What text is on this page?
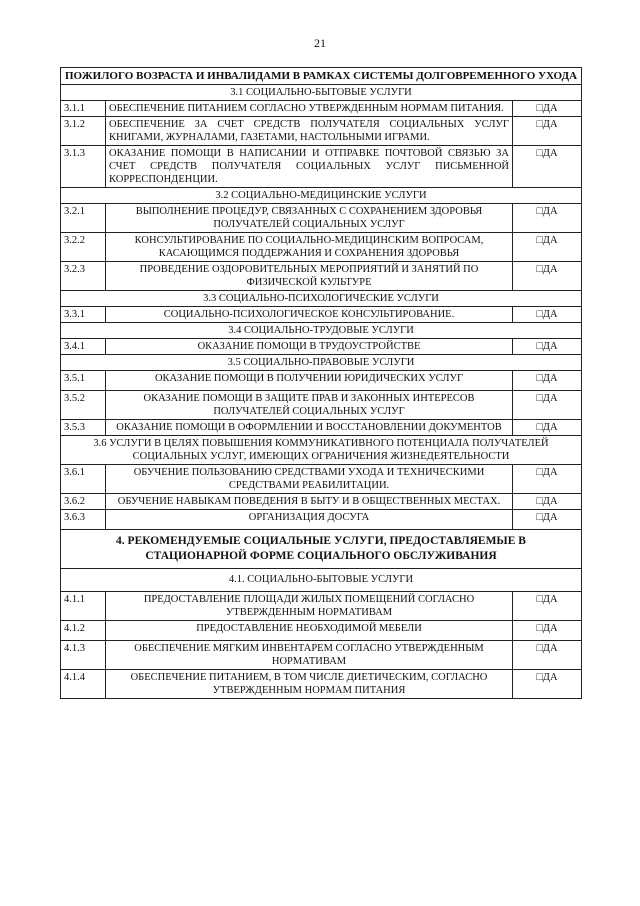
21
ПОЖИЛОГО ВОЗРАСТА И ИНВАЛИДАМИ В РАМКАХ СИСТЕМЫ ДОЛГОВРЕМЕННОГО УХОДА		
3.1 СОЦИАЛЬНО-БЫТОВЫЕ УСЛУГИ		
3.1.1	ОБЕСПЕЧЕНИЕ ПИТАНИЕМ СОГЛАСНО УТВЕРЖДЕННЫМ НОРМАМ ПИТАНИЯ.	□ДА
3.1.2	ОБЕСПЕЧЕНИЕ ЗА СЧЕТ СРЕДСТВ ПОЛУЧАТЕЛЯ СОЦИАЛЬНЫХ УСЛУГ КНИГАМИ, ЖУРНАЛАМИ, ГАЗЕТАМИ, НАСТОЛЬНЫМИ ИГРАМИ.	□ДА
3.1.3	ОКАЗАНИЕ ПОМОЩИ В НАПИСАНИИ И ОТПРАВКЕ ПОЧТОВОЙ СВЯЗЬЮ ЗА СЧЕТ СРЕДСТВ ПОЛУЧАТЕЛЯ СОЦИАЛЬНЫХ УСЛУГ ПИСЬМЕННОЙ КОРРЕСПОНДЕНЦИИ.	□ДА
3.2 СОЦИАЛЬНО-МЕДИЦИНСКИЕ УСЛУГИ		
3.2.1	ВЫПОЛНЕНИЕ ПРОЦЕДУР, СВЯЗАННЫХ С СОХРАНЕНИЕМ ЗДОРОВЬЯ ПОЛУЧАТЕЛЕЙ СОЦИАЛЬНЫХ УСЛУГ	□ДА
3.2.2	КОНСУЛЬТИРОВАНИЕ ПО СОЦИАЛЬНО-МЕДИЦИНСКИМ ВОПРОСАМ, КАСАЮЩИМСЯ ПОДДЕРЖАНИЯ И СОХРАНЕНИЯ ЗДОРОВЬЯ	□ДА
3.2.3	ПРОВЕДЕНИЕ ОЗДОРОВИТЕЛЬНЫХ МЕРОПРИЯТИЙ И ЗАНЯТИЙ ПО ФИЗИЧЕСКОЙ КУЛЬТУРЕ	□ДА
3.3 СОЦИАЛЬНО-ПСИХОЛОГИЧЕСКИЕ УСЛУГИ		
3.3.1	СОЦИАЛЬНО-ПСИХОЛОГИЧЕСКОЕ КОНСУЛЬТИРОВАНИЕ.	□ДА
3.4 СОЦИАЛЬНО-ТРУДОВЫЕ УСЛУГИ		
3.4.1	ОКАЗАНИЕ ПОМОЩИ В ТРУДОУСТРОЙСТВЕ	□ДА
3.5 СОЦИАЛЬНО-ПРАВОВЫЕ УСЛУГИ		
3.5.1	ОКАЗАНИЕ ПОМОЩИ В ПОЛУЧЕНИИ ЮРИДИЧЕСКИХ УСЛУГ	□ДА
3.5.2	ОКАЗАНИЕ ПОМОЩИ В ЗАЩИТЕ ПРАВ И ЗАКОННЫХ ИНТЕРЕСОВ ПОЛУЧАТЕЛЕЙ СОЦИАЛЬНЫХ УСЛУГ	□ДА
3.5.3	ОКАЗАНИЕ ПОМОЩИ В ОФОРМЛЕНИИ И ВОССТАНОВЛЕНИИ ДОКУМЕНТОВ	□ДА
3.6 УСЛУГИ В ЦЕЛЯХ ПОВЫШЕНИЯ КОММУНИКАТИВНОГО ПОТЕНЦИАЛА ПОЛУЧАТЕЛЕЙ СОЦИАЛЬНЫХ УСЛУГ, ИМЕЮЩИХ ОГРАНИЧЕНИЯ ЖИЗНЕДЕЯТЕЛЬНОСТИ		
3.6.1	ОБУЧЕНИЕ ПОЛЬЗОВАНИЮ СРЕДСТВАМИ УХОДА И ТЕХНИЧЕСКИМИ СРЕДСТВАМИ РЕАБИЛИТАЦИИ.	□ДА
3.6.2	ОБУЧЕНИЕ НАВЫКАМ ПОВЕДЕНИЯ В БЫТУ И В ОБЩЕСТВЕННЫХ МЕСТАХ.	□ДА
3.6.3	ОРГАНИЗАЦИЯ ДОСУГА	□ДА
4. РЕКОМЕНДУЕМЫЕ СОЦИАЛЬНЫЕ УСЛУГИ, ПРЕДОСТАВЛЯЕМЫЕ В СТАЦИОНАРНОЙ ФОРМЕ СОЦИАЛЬНОГО ОБСЛУЖИВАНИЯ		
4.1. СОЦИАЛЬНО-БЫТОВЫЕ УСЛУГИ		
4.1.1	ПРЕДОСТАВЛЕНИЕ ПЛОЩАДИ ЖИЛЫХ ПОМЕЩЕНИЙ СОГЛАСНО УТВЕРЖДЕННЫМ НОРМАТИВАМ	□ДА
4.1.2	ПРЕДОСТАВЛЕНИЕ НЕОБХОДИМОЙ МЕБЕЛИ	□ДА
4.1.3	ОБЕСПЕЧЕНИЕ МЯГКИМ ИНВЕНТАРЕМ СОГЛАСНО УТВЕРЖДЕННЫМ НОРМАТИВАМ	□ДА
4.1.4	ОБЕСПЕЧЕНИЕ ПИТАНИЕМ, В ТОМ ЧИСЛЕ ДИЕТИЧЕСКИМ, СОГЛАСНО УТВЕРЖДЕННЫМ НОРМАМ ПИТАНИЯ	□ДА
